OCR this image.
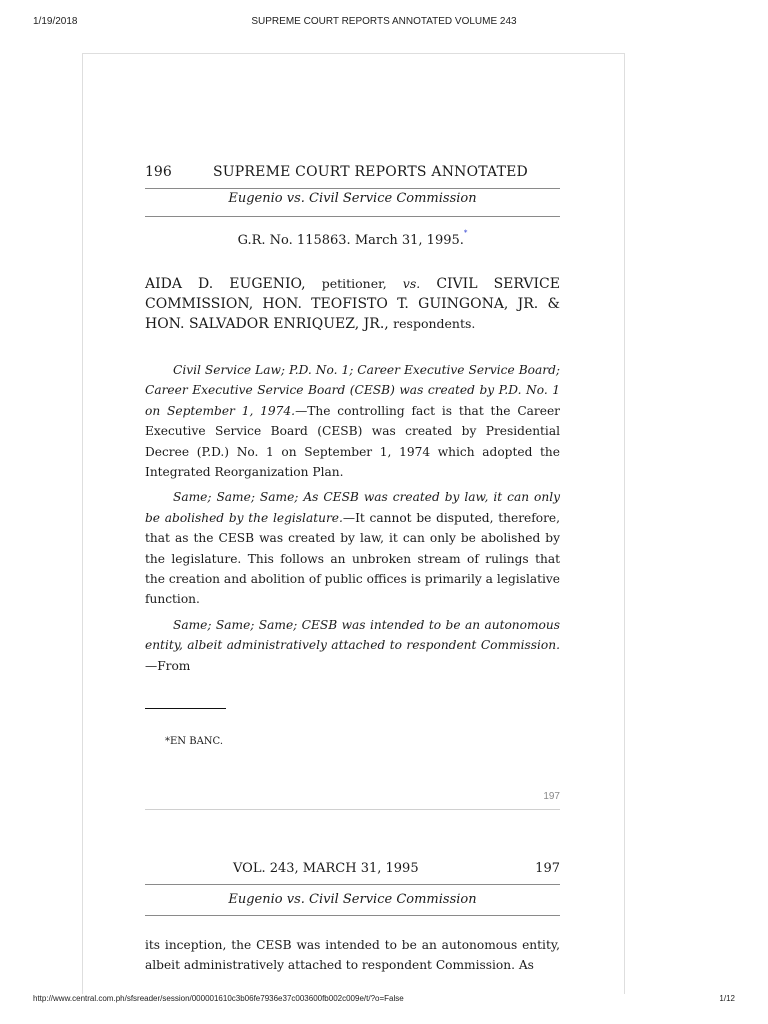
1/19/2018	SUPREME COURT REPORTS ANNOTATED VOLUME 243
196	SUPREME COURT REPORTS ANNOTATED
Eugenio vs. Civil Service Commission
G.R. No. 115863. March 31, 1995.*
AIDA D. EUGENIO, petitioner, vs. CIVIL SERVICE COMMISSION, HON. TEOFISTO T. GUINGONA, JR. & HON. SALVADOR ENRIQUEZ, JR., respondents.

Civil Service Law; P.D. No. 1; Career Executive Service Board; Career Executive Service Board (CESB) was created by P.D. No. 1 on September 1, 1974.—The controlling fact is that the Career Executive Service Board (CESB) was created by Presidential Decree (P.D.) No. 1 on September 1, 1974 which adopted the Integrated Reorganization Plan.

Same; Same; Same; As CESB was created by law, it can only be abolished by the legislature.—It cannot be disputed, therefore, that as the CESB was created by law, it can only be abolished by the legislature. This follows an unbroken stream of rulings that the creation and abolition of public offices is primarily a legislative function.

Same; Same; Same; CESB was intended to be an autonomous entity, albeit administratively attached to respondent Commission.—From

*EN BANC.
197
VOL. 243, MARCH 31, 1995	197
Eugenio vs. Civil Service Commission

its inception, the CESB was intended to be an autonomous entity, albeit administratively attached to respondent Commission. As

http://www.central.com.ph/sfsreader/session/000001610c3b06fe7936e37c003600fb002c009e/t/?o=False	1/12
